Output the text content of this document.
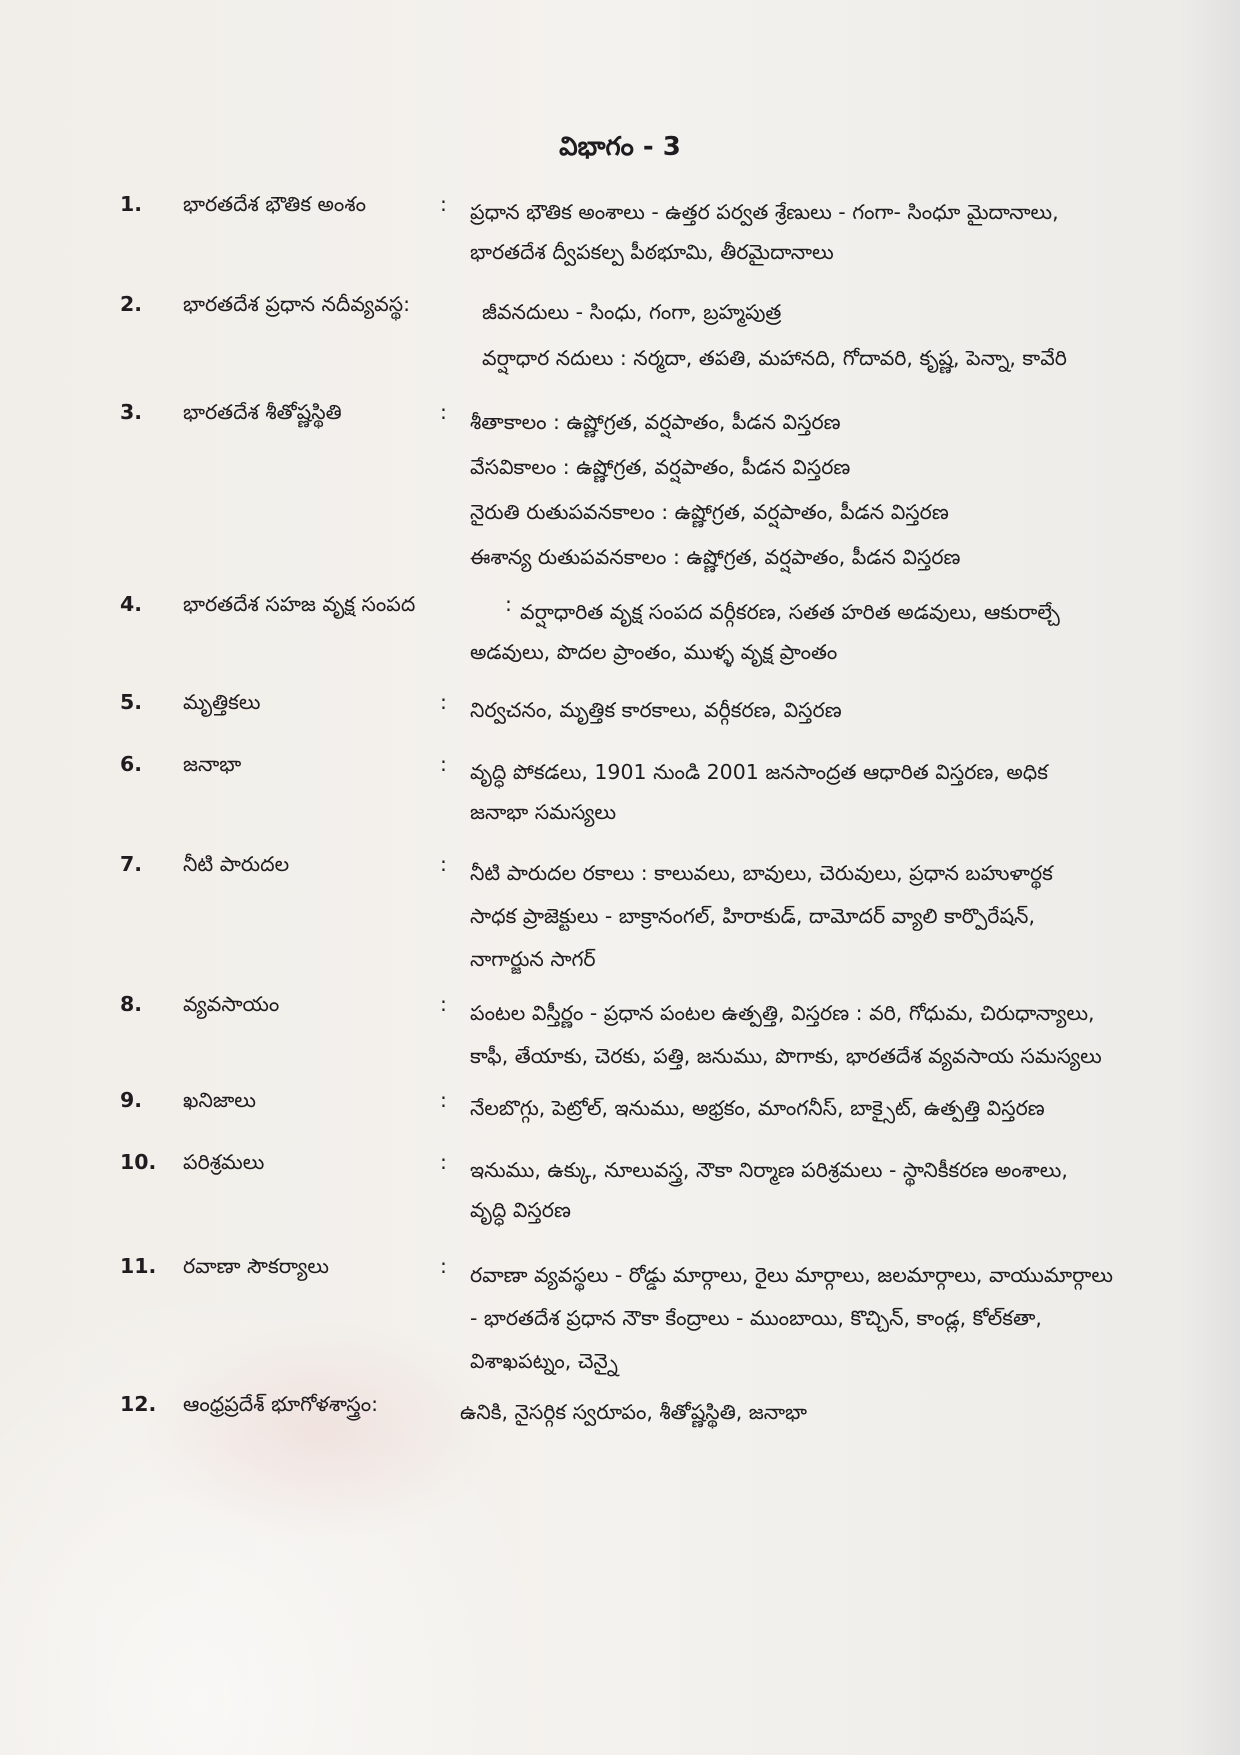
విభాగం - 3
1.	భారతదేశ భౌతిక అంశం	: ప్రధాన భౌతిక అంశాలు - ఉత్తర పర్వత శ్రేణులు - గంగా- సింధూ మైదానాలు,
భారతదేశ ద్వీపకల్ప పీఠభూమి, తీరమైదానాలు
2.	భారతదేశ ప్రధాన నదీవ్యవస్థ:	జీవనదులు - సింధు, గంగా, బ్రహ్మపుత్ర
వర్షాధార నదులు : నర్మదా, తపతి, మహానది, గోదావరి, కృష్ణ, పెన్నా, కావేరి
3.	భారతదేశ శీతోష్ణస్థితి	: శీతాకాలం : ఉష్ణోగ్రత, వర్షపాతం, పీడన విస్తరణ
వేసవికాలం : ఉష్ణోగ్రత, వర్షపాతం, పీడన విస్తరణ
నైరుతి రుతుపవనకాలం : ఉష్ణోగ్రత, వర్షపాతం, పీడన విస్తరణ
ఈశాన్య రుతుపవనకాలం : ఉష్ణోగ్రత, వర్షపాతం, పీడన విస్తరణ
4.	భారతదేశ సహజ వృక్ష సంపద	: వర్షాధారిత వృక్ష సంపద వర్గీకరణ, సతత హరిత అడవులు, ఆకురాల్చే
అడవులు, పొదల ప్రాంతం, ముళ్ళ వృక్ష ప్రాంతం
5.	మృత్తికలు	: నిర్వచనం, మృత్తిక కారకాలు, వర్గీకరణ, విస్తరణ
6.	జనాభా	: వృద్ధి పోకడలు, 1901 నుండి 2001 జనసాంద్రత ఆధారిత విస్తరణ, అధిక
జనాభా సమస్యలు
7.	నీటి పారుదల	: నీటి పారుదల రకాలు : కాలువలు, బావులు, చెరువులు, ప్రధాన బహుళార్థక
సాధక ప్రాజెక్టులు - బాక్రానంగల్, హిరాకుడ్, దామోదర్ వ్యాలి కార్పొరేషన్,
నాగార్జున సాగర్
8.	వ్యవసాయం	: పంటల విస్తీర్ణం - ప్రధాన పంటల ఉత్పత్తి, విస్తరణ : వరి, గోధుమ, చిరుధాన్యాలు,
కాఫీ, తేయాకు, చెరకు, పత్తి, జనుము, పొగాకు, భారతదేశ వ్యవసాయ సమస్యలు
9.	ఖనిజాలు	: నేలబొగ్గు, పెట్రోల్, ఇనుము, అభ్రకం, మాంగనీస్, బాక్సైట్, ఉత్పత్తి విస్తరణ
10.	పరిశ్రమలు	: ఇనుము, ఉక్కు, నూలువస్త్ర, నౌకా నిర్మాణ పరిశ్రమలు - స్థానికీకరణ అంశాలు,
వృద్ధి విస్తరణ
11.	రవాణా సౌకర్యాలు	: రవాణా వ్యవస్థలు - రోడ్డు మార్గాలు, రైలు మార్గాలు, జలమార్గాలు, వాయుమార్గాలు
- భారతదేశ ప్రధాన నౌకా కేంద్రాలు - ముంబాయి, కొచ్చిన్, కాండ్ల, కోల్‌కతా,
విశాఖపట్నం, చెన్నై
12.	ఆంధ్రప్రదేశ్ భూగోళశాస్త్రం:	ఉనికి, నైసర్గిక స్వరూపం, శీతోష్ణస్థితి, జనాభా
